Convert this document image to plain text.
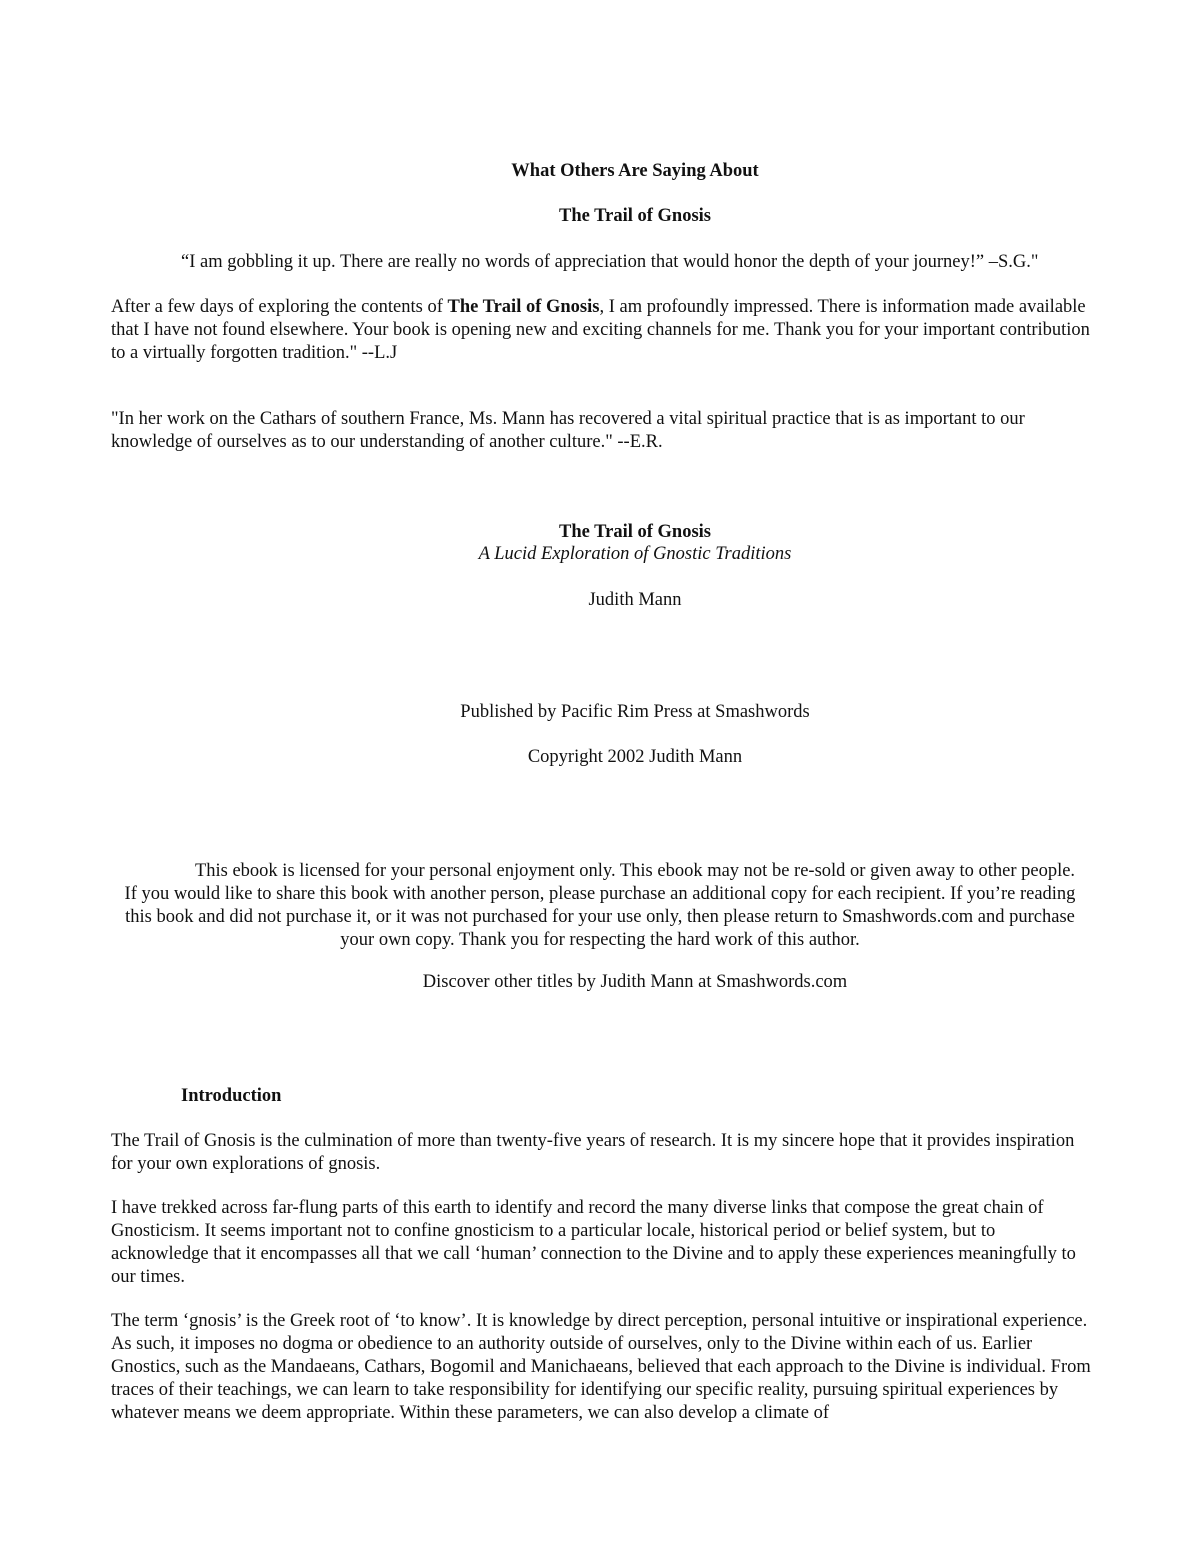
What Others Are Saying About

The Trail of Gnosis

“I am gobbling it up. There are really no words of appreciation that would honor the depth of your journey!” –S.G."

After a few days of exploring the contents of The Trail of Gnosis, I am profoundly impressed. There is information made available that I have not found elsewhere. Your book is opening new and exciting channels for me. Thank you for your important contribution to a virtually forgotten tradition." --L.J

"In her work on the Cathars of southern France, Ms. Mann has recovered a vital spiritual practice that is as important to our knowledge of ourselves as to our understanding of another culture." --E.R.

The Trail of Gnosis

A Lucid Exploration of Gnostic Traditions

Judith Mann

Published by Pacific Rim Press at Smashwords

Copyright 2002 Judith Mann

This ebook is licensed for your personal enjoyment only. This ebook may not be re-sold or given away to other people. If you would like to share this book with another person, please purchase an additional copy for each recipient. If you’re reading this book and did not purchase it, or it was not purchased for your use only, then please return to Smashwords.com and purchase your own copy. Thank you for respecting the hard work of this author.

Discover other titles by Judith Mann at Smashwords.com

Introduction

The Trail of Gnosis is the culmination of more than twenty-five years of research. It is my sincere hope that it provides inspiration for your own explorations of gnosis.

I have trekked across far-flung parts of this earth to identify and record the many diverse links that compose the great chain of Gnosticism. It seems important not to confine gnosticism to a particular locale, historical period or belief system, but to acknowledge that it encompasses all that we call ‘human’ connection to the Divine and to apply these experiences meaningfully to our times.

The term ‘gnosis’ is the Greek root of ‘to know’. It is knowledge by direct perception, personal intuitive or inspirational experience. As such, it imposes no dogma or obedience to an authority outside of ourselves, only to the Divine within each of us. Earlier Gnostics, such as the Mandaeans, Cathars, Bogomil and Manichaeans, believed that each approach to the Divine is individual. From traces of their teachings, we can learn to take responsibility for identifying our specific reality, pursuing spiritual experiences by whatever means we deem appropriate. Within these parameters, we can also develop a climate of
